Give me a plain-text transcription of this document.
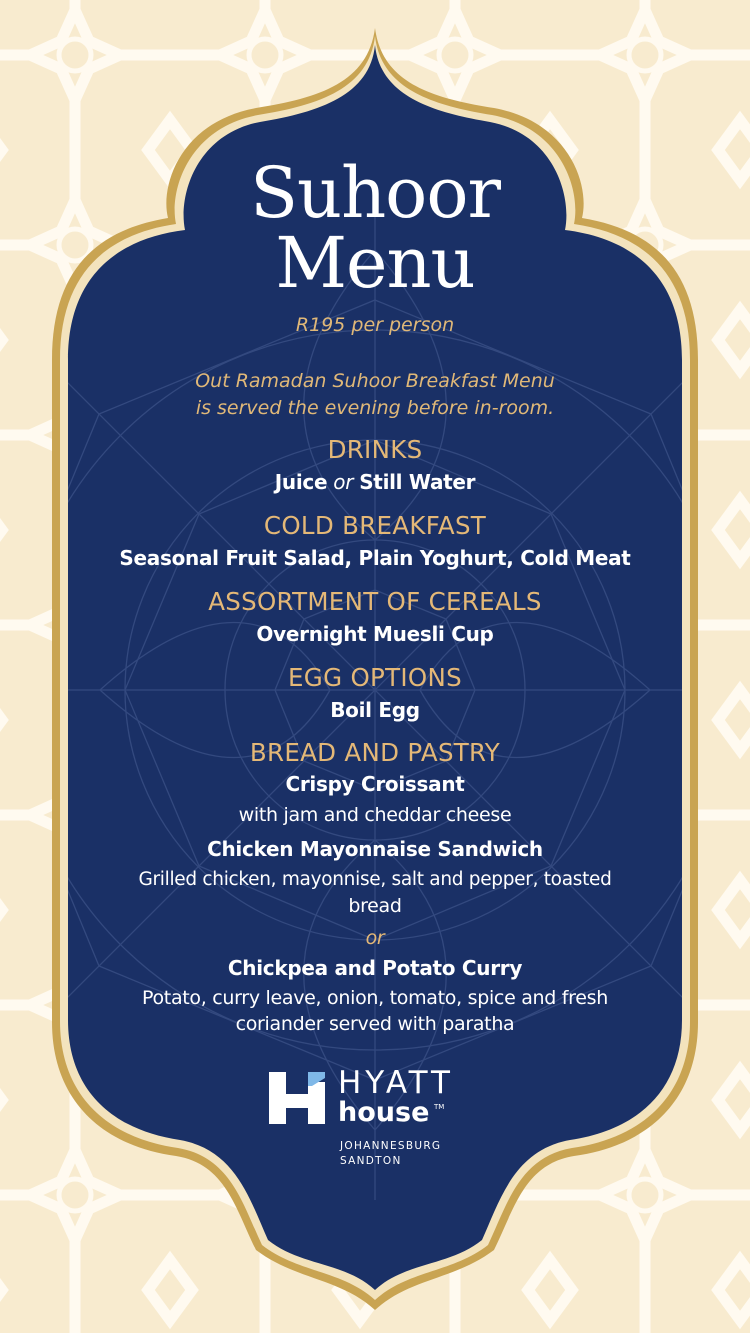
Suhoor
Menu
R195 per person
Out Ramadan Suhoor Breakfast Menu
is served the evening before in-room.
DRINKS
Juice or Still Water
COLD BREAKFAST
Seasonal Fruit Salad, Plain Yoghurt, Cold Meat
ASSORTMENT OF CEREALS
Overnight Muesli Cup
EGG OPTIONS
Boil Egg
BREAD AND PASTRY
Crispy Croissant
with jam and cheddar cheese
Chicken Mayonnaise Sandwich
Grilled chicken, mayonnise, salt and pepper, toasted
bread
or
Chickpea and Potato Curry
Potato, curry leave, onion, tomato, spice and fresh
coriander served with paratha
HYATT
house TM
JOHANNESBURG
SANDTON
